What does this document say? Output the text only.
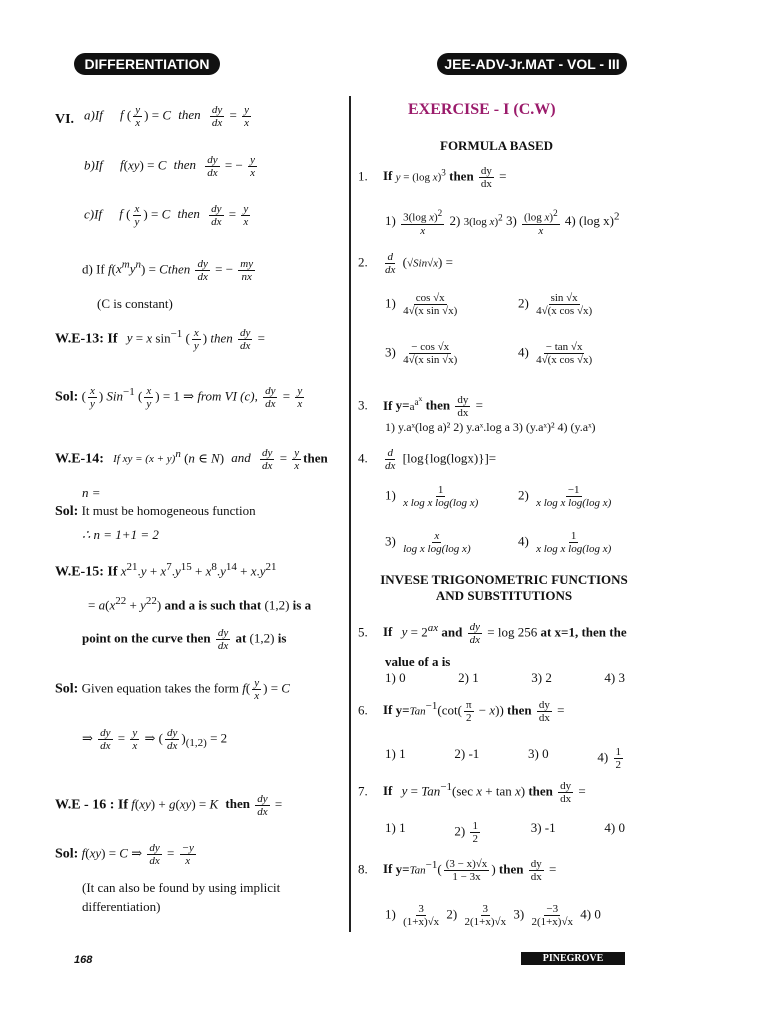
DIFFERENTIATION	JEE-ADV-Jr.MAT - VOL - III
VI. a)If f ( $\frac{y}{x}$ ) = C then $\frac{dy}{dx} = \frac{y}{x}$
b)If f(xy) = C then $\frac{dy}{dx}$ = − $\frac{y}{x}$
c)If f ( $\frac{x}{y}$ ) = C then $\frac{dy}{dx} = \frac{y}{x}$
d) If $f(x^my^n)$ = Cthen $\frac{dy}{dx}$ = − $\frac{my}{nx}$
(C is constant)
W.E-13: If y = x $\sin^{-1}$ ( $\frac{x}{y}$ ) then $\frac{dy}{dx}$ =
Sol: ( $\frac{x}{y}$ ) Sin$^{-1}$ ( $\frac{x}{y}$ ) = 1 ⇒ from VI (c), $\frac{dy}{dx} = \frac{y}{x}$
W.E-14: If xy = $(x + y)^n$ (n ∈ N) and $\frac{dy}{dx} = \frac{y}{x}$ then
n =
Sol: It must be homogeneous function
∴ n = 1+1 = 2
W.E-15: If $x^{21}.y + x^7.y^{15} + x^8.y^{14} + x.y^{21}$
= $a(x^{22} + y^{22})$ and a is such that (1,2) is a
point on the curve then $\frac{dy}{dx}$ at (1,2) is
Sol: Given equation takes the form $f( \frac{y}{x}$ ) = C
⇒ $\frac{dy}{dx} = \frac{y}{x}$ ⇒ ( $\frac{dy}{dx} )_{(1,2)} = 2$
W.E - 16 : If f(xy) + g(xy) = K then $\frac{dy}{dx}$ =
Sol: f(xy) = C ⇒ $\frac{dy}{dx} = \frac{-y}{x}$
(It can also be found by using implicit
differentiation)
EXERCISE - I (C.W)
FORMULA BASED
1. If y = (log x)$^3$ then $\frac{dy}{dx}$ =
$1) \frac{3(\log x)^2}{x} 2$) 3(log x)$^2$ $3) \frac{(\log x)^2}{x} 4$) (log x)$^2$
2. $\frac{d}{dx} (√Sin√x)$ =
$1) \frac{\cos √x}{\text{4√(x sin √x)}}$	$2) \frac{\sin √x}{\text{4√(x cos √x)}}$
$3) \frac{- \cos √x}{\text{4√(x sin √x)}}$	$4) \frac{- \tan √x}{\text{4√(x cos √x)}}$
3. If $y=a^{a^x}$ then $\frac{dy}{dx}$ =
1) y.aˣ(log a)² 2) y.aˣ.log a 3) (y.aˣ)² 4) (y.aˣ)
4. $\frac{d}{dx} [\log\{\log(\log x)\}]=$
$1) \frac{1}{\text{x log x log(log x)}}$	$2) \frac{-1}{\text{x log x log(log x)}}$
$3) \frac{x}{\text{log x log(log x)}}$	$4) \frac{1}{\text{x log x log(log x)}}$
INVESE TRIGONOMETRIC FUNCTIONS
AND SUBSTITUTIONS
5. If $y = 2^{ax}$ and $\frac{dy}{dx} = \log 256$ at x=1, then the
value of a is
1) 0	2) 1	3) 2	4) 3
6. If $y=Tan^{-1}(\cot( \frac{\pi}{2} - x))$ then $\frac{dy}{dx}$ =
1) 1	2) -1	3) 0	$4) \frac{1}{2}$
7. If y = Tan$^{-1}$(sec x + tan x) then $\frac{dy}{dx}$ =
1) 1	$2) \frac{1}{2}$	3) -1	4) 0
8. If $y=Tan^{-1}( \frac{(3 - x)√x}{1 - 3x}$ ) then $\frac{dy}{dx}$ =
$1) \frac{3}{(1+x)√x} 2) \frac{3}{2(1+x)√x} 3) \frac{-3}{2(1+x)√x} 4$) 0
168	PINEGROVE
